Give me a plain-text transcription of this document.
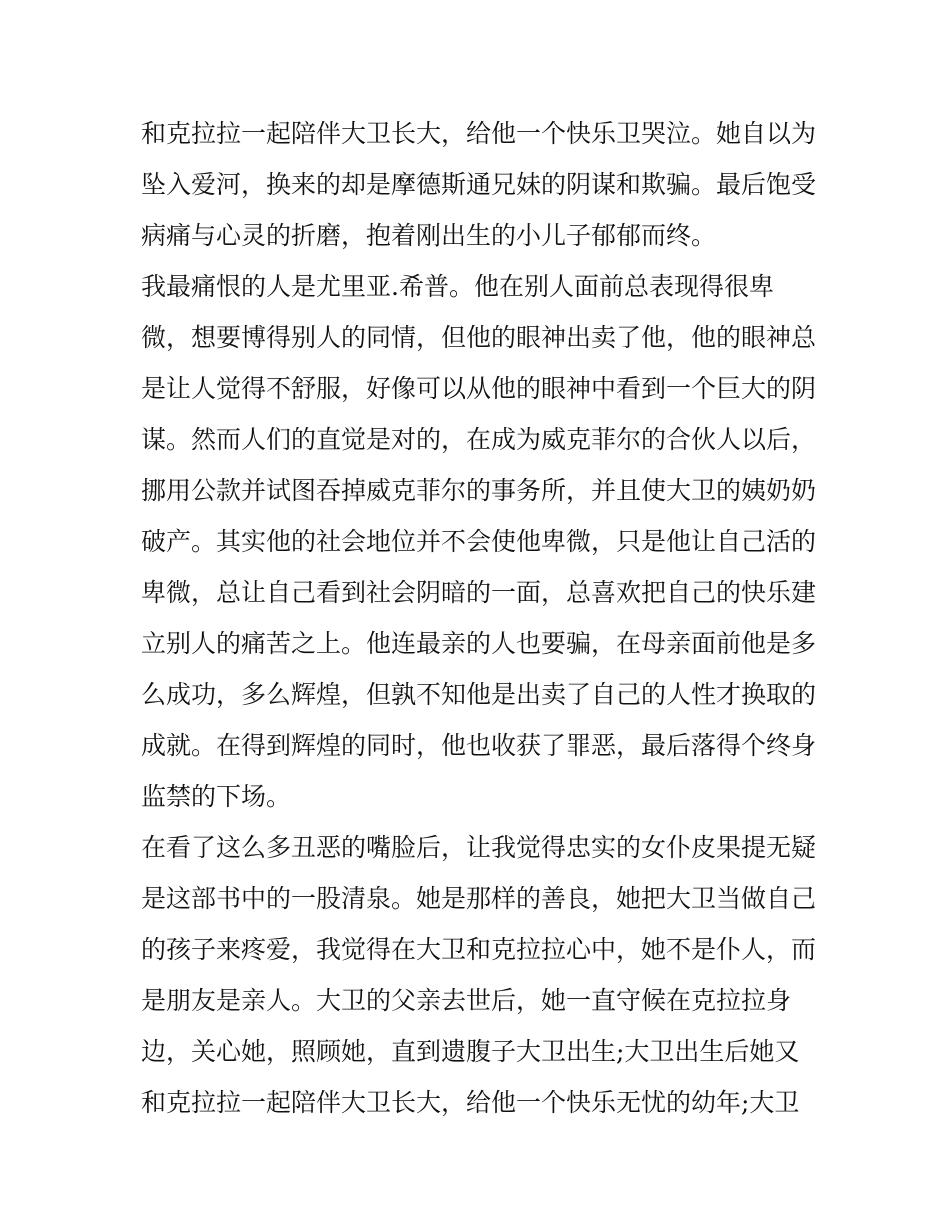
和克拉拉一起陪伴大卫长大，给他一个快乐卫哭泣。她自以为
坠入爱河，换来的却是摩德斯通兄妹的阴谋和欺骗。最后饱受
病痛与心灵的折磨，抱着刚出生的小儿子郁郁而终。
我最痛恨的人是尤里亚.希普。他在别人面前总表现得很卑
微，想要博得别人的同情，但他的眼神出卖了他，他的眼神总
是让人觉得不舒服，好像可以从他的眼神中看到一个巨大的阴
谋。然而人们的直觉是对的，在成为威克菲尔的合伙人以后，
挪用公款并试图吞掉威克菲尔的事务所，并且使大卫的姨奶奶
破产。其实他的社会地位并不会使他卑微，只是他让自己活的
卑微，总让自己看到社会阴暗的一面，总喜欢把自己的快乐建
立别人的痛苦之上。他连最亲的人也要骗，在母亲面前他是多
么成功，多么辉煌，但孰不知他是出卖了自己的人性才换取的
成就。在得到辉煌的同时，他也收获了罪恶，最后落得个终身
监禁的下场。
在看了这么多丑恶的嘴脸后，让我觉得忠实的女仆皮果提无疑
是这部书中的一股清泉。她是那样的善良，她把大卫当做自己
的孩子来疼爱，我觉得在大卫和克拉拉心中，她不是仆人，而
是朋友是亲人。大卫的父亲去世后，她一直守候在克拉拉身
边，关心她，照顾她，直到遗腹子大卫出生;大卫出生后她又
和克拉拉一起陪伴大卫长大，给他一个快乐无忧的幼年;大卫
